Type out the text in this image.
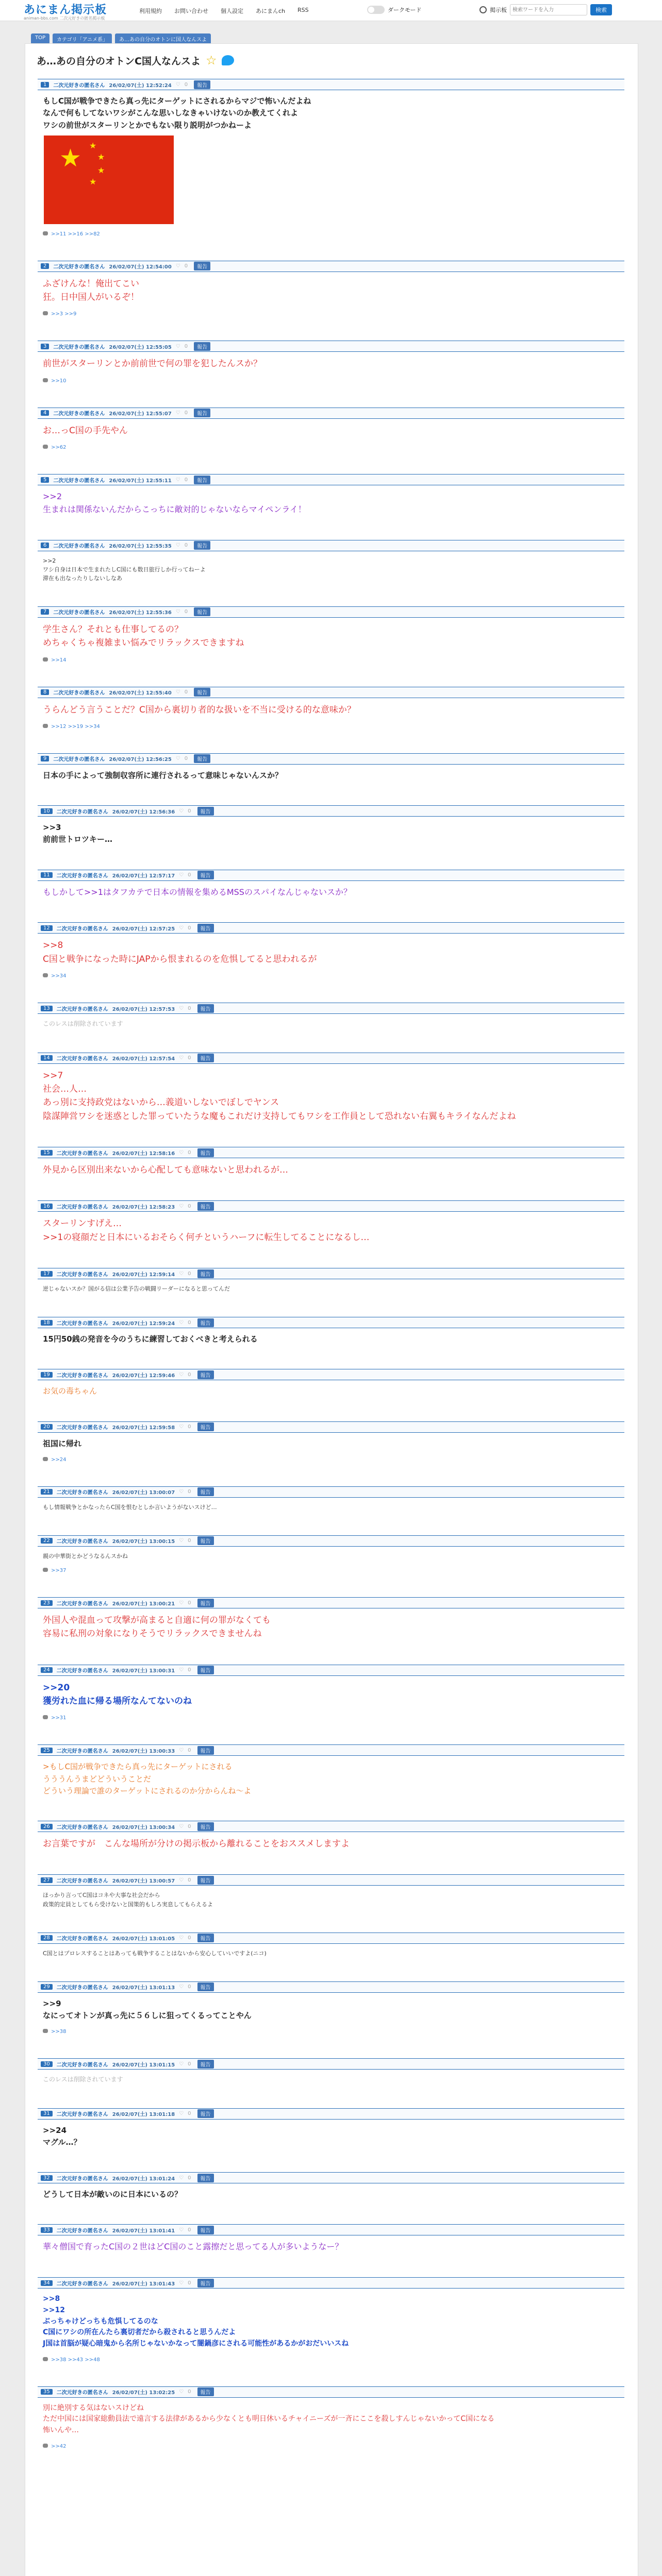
あにまん掲示板
animan-bbs.com 二次元好きの匿名掲示板
利用規約 お問い合わせ 個人設定 あにまんch RSS	ダークモード	掲示板
検索ワードを入力	検索
TOP	カテゴリ「アニメ系」	あ…あの自分のオトンに国人なんスよ
あ…あの自分のオトンC国人なんスよ ☆
1	二次元好きの匿名さん 26/02/07(土) 12:52:24 ♡ 0	報告
もしC国が戦争できたら真っ先にターゲットにされるからマジで怖いんだよね
なんで何もしてないワシがこんな思いしなきゃいけないのか教えてくれよ
ワシの前世がスターリンとかでもない限り説明がつかねーよ
★ ★
★
★
★
>>11 >>16 >>82
2	二次元好きの匿名さん 26/02/07(土) 12:54:00 ♡ 0	報告
ふざけんな！俺出てこい
狂。日中国人がいるぞ！
>>3 >>9
3	二次元好きの匿名さん 26/02/07(土) 12:55:05 ♡ 0	報告
前世がスターリンとか前前世で何の罪を犯したんスか？
>>10
4	二次元好きの匿名さん 26/02/07(土) 12:55:07 ♡ 0	報告
お…っC国の手先やん
>>62
5	二次元好きの匿名さん 26/02/07(土) 12:55:11 ♡ 0	報告
>>2
生まれは関係ないんだからこっちに敵対的じゃないならマイペンライ！
6	二次元好きの匿名さん 26/02/07(土) 12:55:35 ♡ 0	報告
>>2
ワシ自身は日本で生まれたしC国にも数日旅行しか行ってねーよ
滞在も出なったりしないしなあ
7	二次元好きの匿名さん 26/02/07(土) 12:55:36 ♡ 0	報告
学生さん？それとも仕事してるの？
めちゃくちゃ複雑まい悩みでリラックスできますね
>>14
8	二次元好きの匿名さん 26/02/07(土) 12:55:40 ♡ 0	報告
うらんどう言うことだ？C国から裏切り者的な扱いを不当に受ける的な意味か？
>>12 >>19 >>34
9	二次元好きの匿名さん 26/02/07(土) 12:56:25 ♡ 0	報告
日本の手によって強制収容所に連行されるって意味じゃないんスか？
10	二次元好きの匿名さん 26/02/07(土) 12:56:36 ♡ 0	報告
>>3
前前世トロツキー…
11	二次元好きの匿名さん 26/02/07(土) 12:57:17 ♡ 0	報告
もしかして>>1はタフカテで日本の情報を集めるMSSのスパイなんじゃないスか？
12	二次元好きの匿名さん 26/02/07(土) 12:57:25 ♡ 0	報告
>>8
C国と戦争になった時にJAPから恨まれるのを危惧してると思われるが
>>34
13	二次元好きの匿名さん 26/02/07(土) 12:57:53 ♡ 0	報告
このレスは削除されています
14	二次元好きの匿名さん 26/02/07(土) 12:57:54 ♡ 0	報告
>>7
社会…人…
あっ別に支持政党はないから…義道いしないでぼしでヤンス
陰謀陣営ワシを迷惑とした罪っていたうな魔もこれだけ支持してもワシを工作員として恐れない右翼もキライなんだよね
15	二次元好きの匿名さん 26/02/07(土) 12:58:16 ♡ 0	報告
外見から区別出来ないから心配しても意味ないと思われるが…
16	二次元好きの匿名さん 26/02/07(土) 12:58:23 ♡ 0	報告
スターリンすげえ…
>>1の寝顔だと日本にいるおそらく何チというハーフに転生してることになるし…
17	二次元好きの匿名さん 26/02/07(土) 12:59:14 ♡ 0	報告
逆じゃないスか？国がる信は公業予告の戦闘リーダーになると思ってんだ
18	二次元好きの匿名さん 26/02/07(土) 12:59:24 ♡ 0	報告
15円50銭の発音を今のうちに練習しておくべきと考えられる
19	二次元好きの匿名さん 26/02/07(土) 12:59:46 ♡ 0	報告
お気の毒ちゃん
20	二次元好きの匿名さん 26/02/07(土) 12:59:58 ♡ 0	報告
祖国に帰れ
>>24
21	二次元好きの匿名さん 26/02/07(土) 13:00:07 ♡ 0	報告
もし情報戦争とかなったらC国を恨むとしか言いようがないスけど…
22	二次元好きの匿名さん 26/02/07(土) 13:00:15 ♡ 0	報告
親の中華街とかどうなるんスかね
>>37
23	二次元好きの匿名さん 26/02/07(土) 13:00:21 ♡ 0	報告
外国人や混血って攻撃が高まると自適に何の罪がなくても
容易に私刑の対象になりそうでリラックスできませんね
24	二次元好きの匿名さん 26/02/07(土) 13:00:31 ♡ 0	報告
>>20
獲労れた血に帰る場所なんてないのね
>>31
25	二次元好きの匿名さん 26/02/07(土) 13:00:33 ♡ 0	報告
>もしC国が戦争できたら真っ先にターゲットにされる
うううんうまどどういうことだ
どういう理論で誰のターゲットにされるのか分からんね〜よ
26	二次元好きの匿名さん 26/02/07(土) 13:00:34 ♡ 0	報告
お言葉ですが　こんな場所が分けの掲示板から離れることをおススメしますよ
27	二次元好きの匿名さん 26/02/07(土) 13:00:57 ♡ 0	報告
ほっかり言ってC国はコネや大事な社会だから
政策的定員としてもら受けないと国策的もしろ実息してもらえるよ
28	二次元好きの匿名さん 26/02/07(土) 13:01:05 ♡ 0	報告
C国とはプロレスすることはあっても戦争することはないから安心していいですよ(ニコ)
29	二次元好きの匿名さん 26/02/07(土) 13:01:13 ♡ 0	報告
>>9
なにってオトンが真っ先に５６しに狙ってくるってことやん
>>38
30	二次元好きの匿名さん 26/02/07(土) 13:01:15 ♡ 0	報告
このレスは削除されています
31	二次元好きの匿名さん 26/02/07(土) 13:01:18 ♡ 0	報告
>>24
マグル…？
32	二次元好きの匿名さん 26/02/07(土) 13:01:24 ♡ 0	報告
どうして日本が敵いのに日本にいるの？
33	二次元好きの匿名さん 26/02/07(土) 13:01:41 ♡ 0	報告
華々僧国で育ったC国の２世はどC国のこと露擦だと思ってる人が多いようなー？
34	二次元好きの匿名さん 26/02/07(土) 13:01:43 ♡ 0	報告
>>8
>>12
ぶっちゃけどっちも危惧してるのな
C国にワシの所在んたら裏切者だから殺されると思うんだよ
J国は首脳が疑心暗鬼から名所じゃないかなって闇鍋彦にされる可能性があるかがおだいいスね
>>38 >>43 >>48
35	二次元好きの匿名さん 26/02/07(土) 13:02:25 ♡ 0	報告
別に絶別する気はないスけどね
ただ中国には国家総動員法で遠言する法律があるから少なくとも明日休いるチャイニーズが一斉にここを殺しすんじゃないかってC国になる
怖いんや…
>>42
